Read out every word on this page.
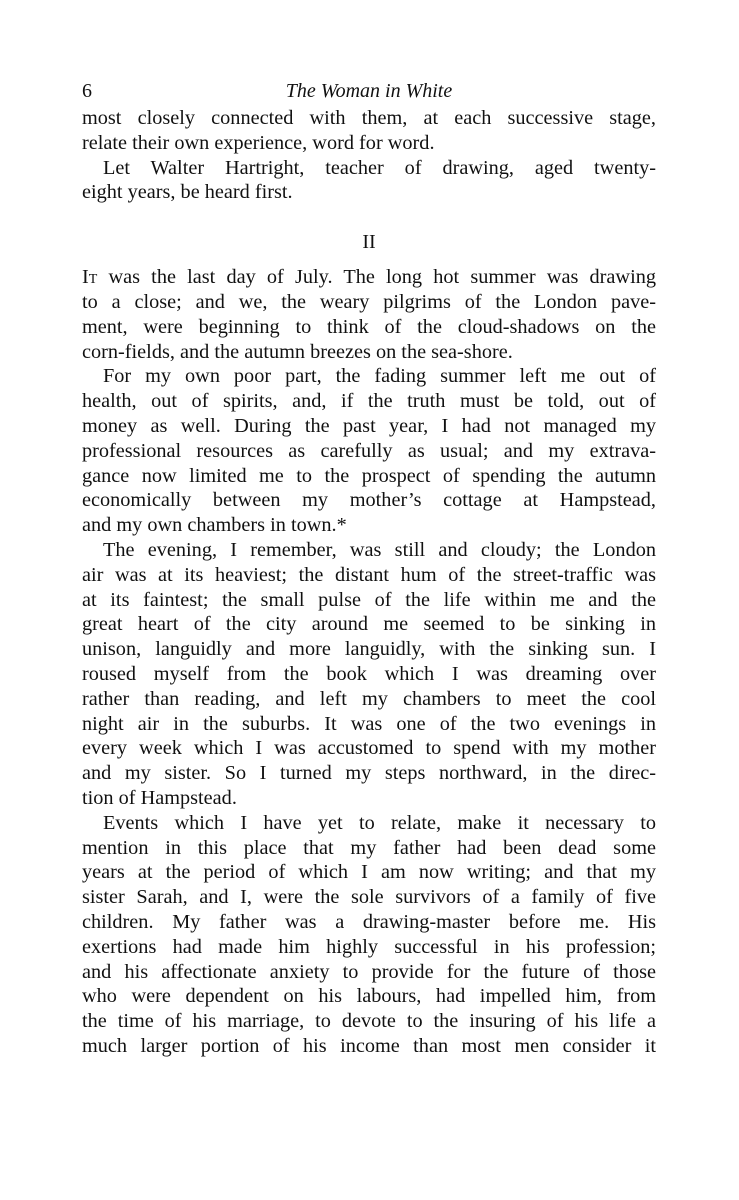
6	The Woman in White
most closely connected with them, at each successive stage,
relate their own experience, word for word.
Let Walter Hartright, teacher of drawing, aged twenty-
eight years, be heard first.
II
It was the last day of July. The long hot summer was drawing
to a close; and we, the weary pilgrims of the London pave-
ment, were beginning to think of the cloud-shadows on the
corn-fields, and the autumn breezes on the sea-shore.
For my own poor part, the fading summer left me out of
health, out of spirits, and, if the truth must be told, out of
money as well. During the past year, I had not managed my
professional resources as carefully as usual; and my extrava-
gance now limited me to the prospect of spending the autumn
economically between my mother’s cottage at Hampstead,
and my own chambers in town.*
The evening, I remember, was still and cloudy; the London
air was at its heaviest; the distant hum of the street-traffic was
at its faintest; the small pulse of the life within me and the
great heart of the city around me seemed to be sinking in
unison, languidly and more languidly, with the sinking sun. I
roused myself from the book which I was dreaming over
rather than reading, and left my chambers to meet the cool
night air in the suburbs. It was one of the two evenings in
every week which I was accustomed to spend with my mother
and my sister. So I turned my steps northward, in the direc-
tion of Hampstead.
Events which I have yet to relate, make it necessary to
mention in this place that my father had been dead some
years at the period of which I am now writing; and that my
sister Sarah, and I, were the sole survivors of a family of five
children. My father was a drawing-master before me. His
exertions had made him highly successful in his profession;
and his affectionate anxiety to provide for the future of those
who were dependent on his labours, had impelled him, from
the time of his marriage, to devote to the insuring of his life a
much larger portion of his income than most men consider it
